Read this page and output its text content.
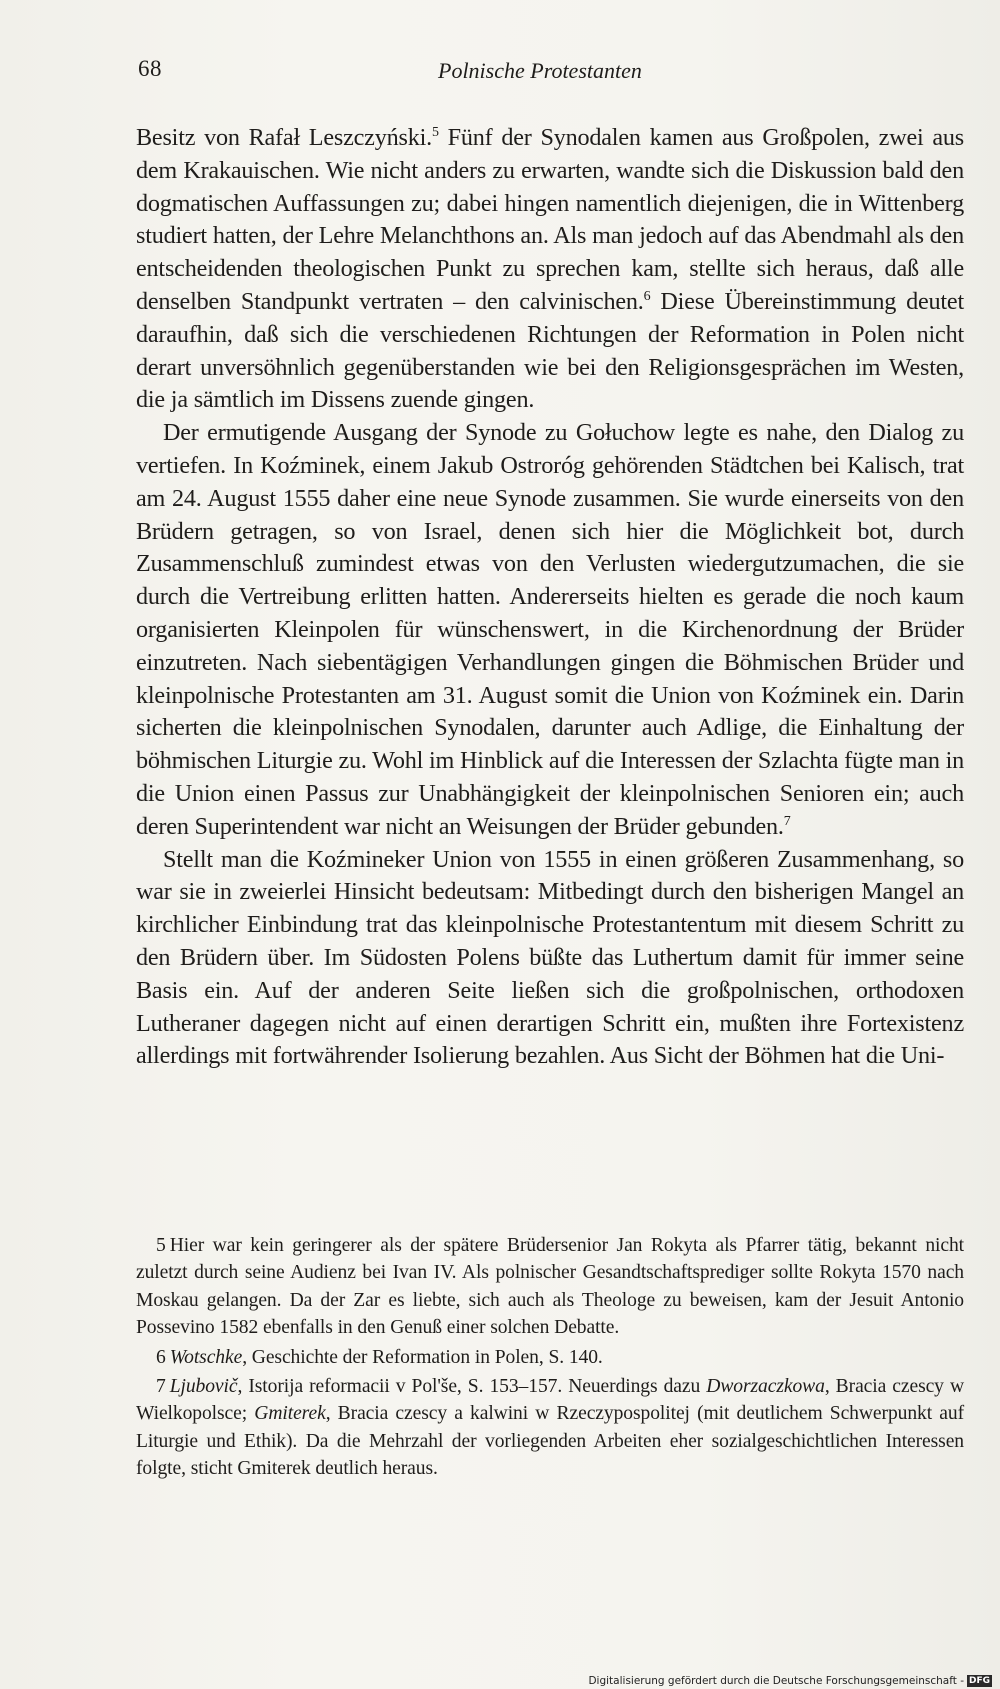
68	Polnische Protestanten

Besitz von Rafał Leszczyński.$^5$ Fünf der Synodalen kamen aus Großpolen, zwei aus dem Krakauischen. Wie nicht anders zu erwarten, wandte sich die Diskussion bald den dogmatischen Auffassungen zu; dabei hingen namentlich diejenigen, die in Wittenberg studiert hatten, der Lehre Melanchthons an. Als man jedoch auf das Abendmahl als den entscheidenden theologischen Punkt zu sprechen kam, stellte sich heraus, daß alle denselben Standpunkt vertraten – den calvinischen.$^6$ Diese Übereinstimmung deutet daraufhin, daß sich die verschiedenen Richtungen der Reformation in Polen nicht derart unversöhnlich gegenüberstanden wie bei den Religionsgesprächen im Westen, die ja sämtlich im Dissens zuende gingen.

Der ermutigende Ausgang der Synode zu Gołuchow legte es nahe, den Dialog zu vertiefen. In Koźminek, einem Jakub Ostroróg gehörenden Städtchen bei Kalisch, trat am 24. August 1555 daher eine neue Synode zusammen. Sie wurde einerseits von den Brüdern getragen, so von Israel, denen sich hier die Möglichkeit bot, durch Zusammenschluß zumindest etwas von den Verlusten wiedergutzumachen, die sie durch die Vertreibung erlitten hatten. Andererseits hielten es gerade die noch kaum organisierten Kleinpolen für wünschenswert, in die Kirchenordnung der Brüder einzutreten. Nach siebentägigen Verhandlungen gingen die Böhmischen Brüder und kleinpolnische Protestanten am 31. August somit die Union von Koźminek ein. Darin sicherten die kleinpolnischen Synodalen, darunter auch Adlige, die Einhaltung der böhmischen Liturgie zu. Wohl im Hinblick auf die Interessen der Szlachta fügte man in die Union einen Passus zur Unabhängigkeit der kleinpolnischen Senioren ein; auch deren Superintendent war nicht an Weisungen der Brüder gebunden.$^7$

Stellt man die Koźmineker Union von 1555 in einen größeren Zusammenhang, so war sie in zweierlei Hinsicht bedeutsam: Mitbedingt durch den bisherigen Mangel an kirchlicher Einbindung trat das kleinpolnische Protestantentum mit diesem Schritt zu den Brüdern über. Im Südosten Polens büßte das Luthertum damit für immer seine Basis ein. Auf der anderen Seite ließen sich die großpolnischen, orthodoxen Lutheraner dagegen nicht auf einen derartigen Schritt ein, mußten ihre Fortexistenz allerdings mit fortwährender Isolierung bezahlen. Aus Sicht der Böhmen hat die Uni-

5 Hier war kein geringerer als der spätere Brüdersenior Jan Rokyta als Pfarrer tätig, bekannt nicht zuletzt durch seine Audienz bei Ivan IV. Als polnischer Gesandtschaftsprediger sollte Rokyta 1570 nach Moskau gelangen. Da der Zar es liebte, sich auch als Theologe zu beweisen, kam der Jesuit Antonio Possevino 1582 ebenfalls in den Genuß einer solchen Debatte.

6 Wotschke, Geschichte der Reformation in Polen, S. 140.

7 Ljubovič, Istorija reformacii v Pol'še, S. 153–157. Neuerdings dazu Dworzaczkowa, Bracia czescy w Wielkopolsce; Gmiterek, Bracia czescy a kalwini w Rzeczypospolitej (mit deutlichem Schwerpunkt auf Liturgie und Ethik). Da die Mehrzahl der vorliegenden Arbeiten eher sozialgeschichtlichen Interessen folgte, sticht Gmiterek deutlich heraus.

Digitalisierung gefördert durch die Deutsche Forschungsgemeinschaft - DFG
